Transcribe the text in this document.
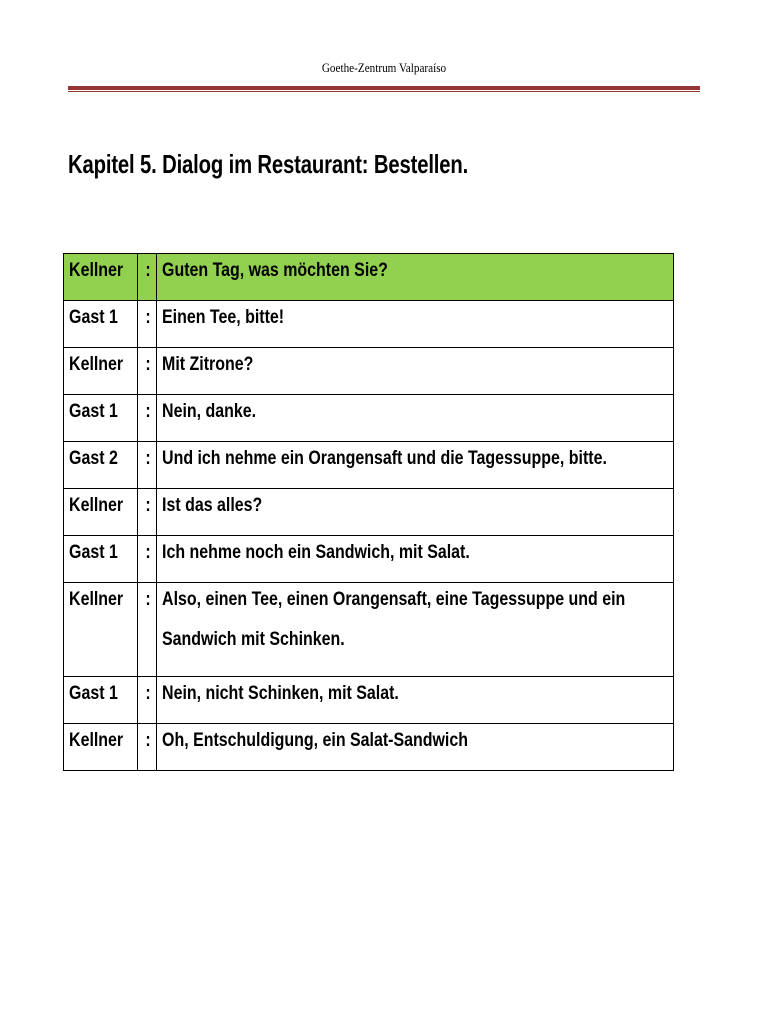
Goethe-Zentrum Valparaíso
Kapitel 5. Dialog im Restaurant: Bestellen.
Kellner	:	Guten Tag, was möchten Sie?

Gast 1	:	Einen Tee, bitte!

Kellner	:	Mit Zitrone?

Gast 1	:	Nein, danke.

Gast 2	:	Und ich nehme ein Orangensaft und die Tagessuppe, bitte.

Kellner	:	Ist das alles?

Gast 1	:	Ich nehme noch ein Sandwich, mit Salat.

Kellner	:	Also, einen Tee, einen Orangensaft, eine Tagessuppe und ein
Sandwich mit Schinken.

Gast 1	:	Nein, nicht Schinken, mit Salat.

Kellner	:	Oh, Entschuldigung, ein Salat-Sandwich
